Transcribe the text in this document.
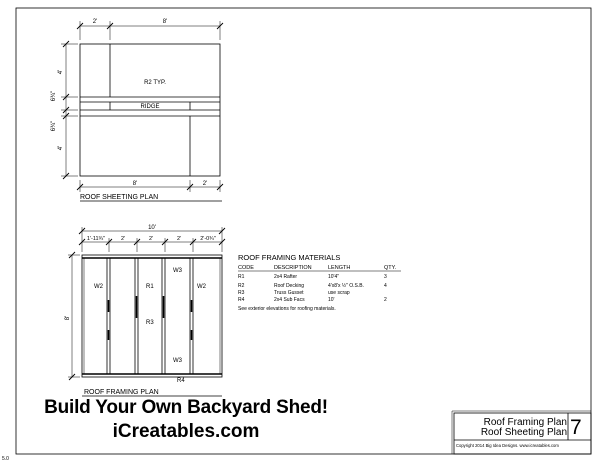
2'	8'
4'
6¾"
6¾"
4'
8'	2'
R2 TYP.
RIDGE
ROOF SHEETING PLAN
10'
1'-11¾"	2'	2'	2'	2'-0¾"
8'
W2	W2
R1
R3
W3
W3
R4
ROOF FRAMING PLAN
ROOF FRAMING MATERIALS
CODE	DESCRIPTION	LENGTH	QTY.
R1	2x4 Rafter	10'4"	3
R2	Roof Decking	4'x8'x ½" O.S.B.	4
R3	Truss Gusset	use scrap
R4	2x4 Sub Facs	10'	2
See exterior elevations for roofing materials.
Build Your Own Backyard Shed!
iCreatables.com	Roof Framing Plan
Roof Sheeting Plan 7
Copyright 2014 Big Idea Designs. www.icreatables.com
5.0
